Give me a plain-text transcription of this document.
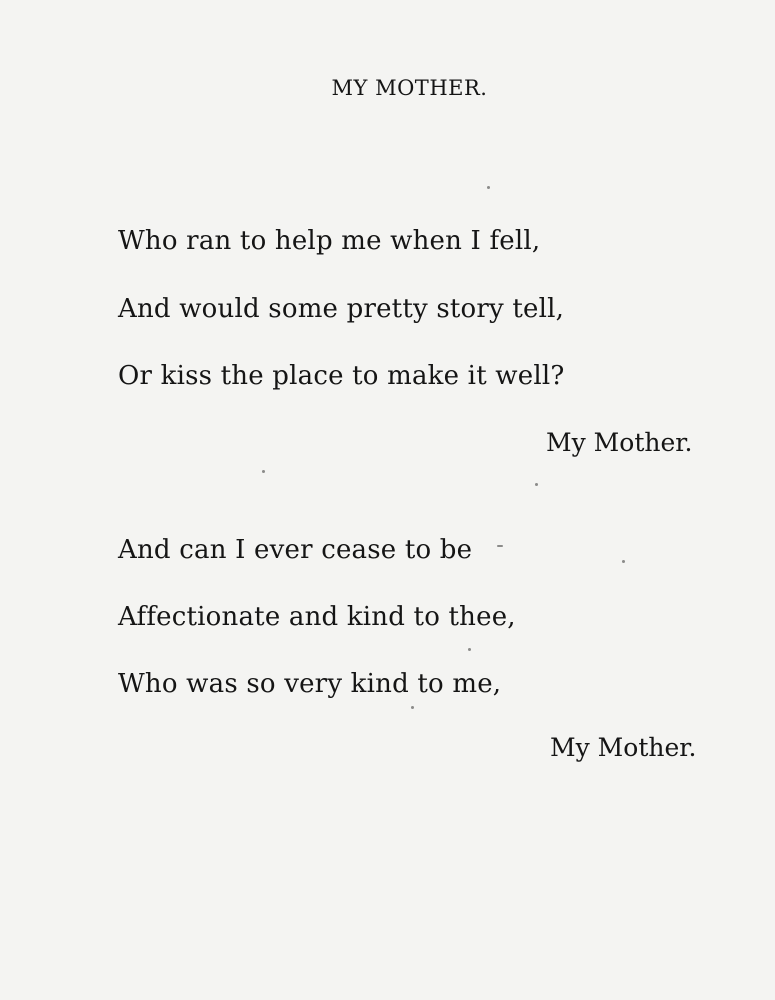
MY MOTHER.
Who ran to help me when I fell,
And would some pretty story tell,
Or kiss the place to make it well?
My Mother.
And can I ever cease to be
Affectionate and kind to thee,
Who was so very kind to me,
My Mother.
